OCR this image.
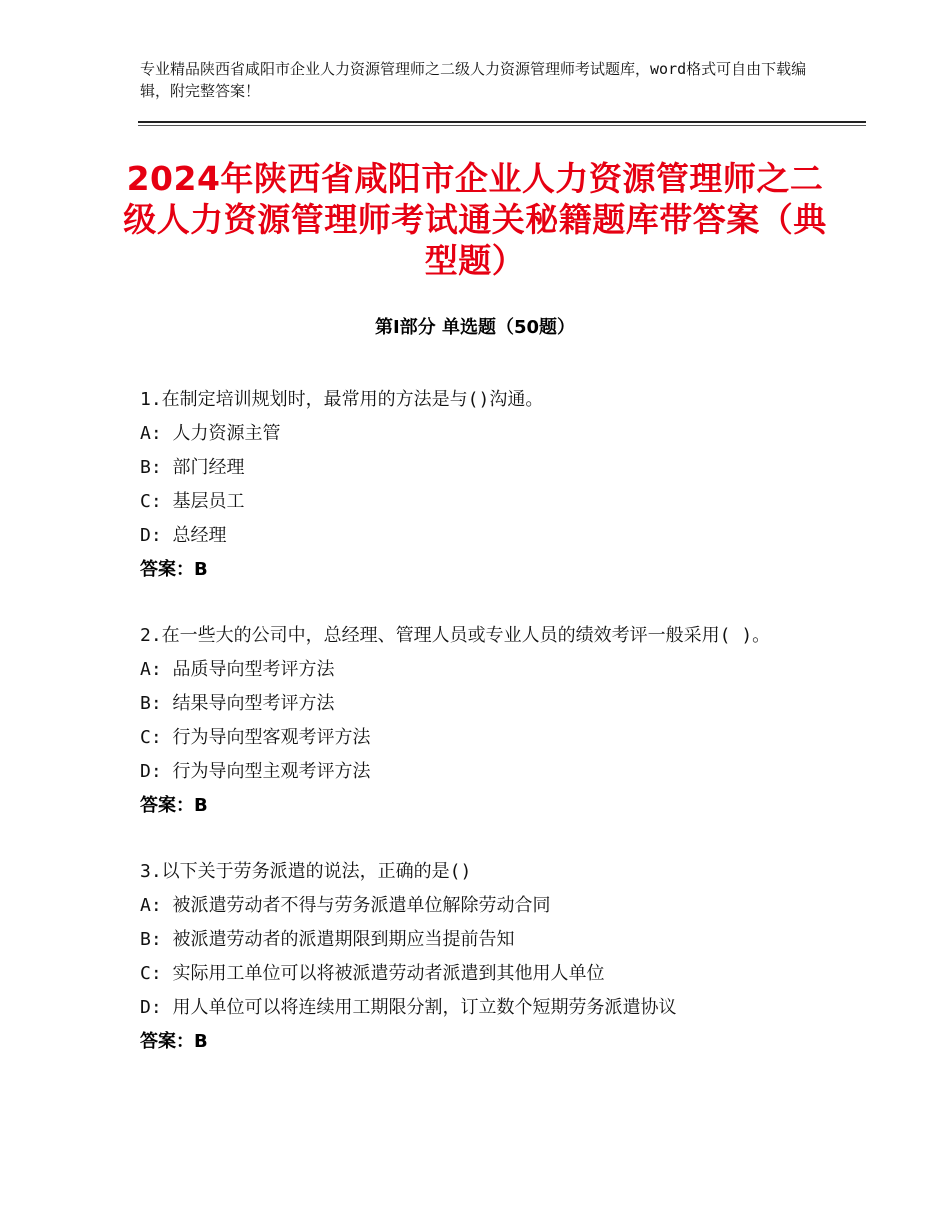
专业精品陕西省咸阳市企业人力资源管理师之二级人力资源管理师考试题库，word格式可自由下载编辑，附完整答案！
2024年陕西省咸阳市企业人力资源管理师之二级人力资源管理师考试通关秘籍题库带答案（典型题）
第Ⅰ部分 单选题（50题）
1.在制定培训规划时，最常用的方法是与()沟通。
A: 人力资源主管
B: 部门经理
C: 基层员工
D: 总经理
答案：B
2.在一些大的公司中，总经理、管理人员或专业人员的绩效考评一般采用( )。
A: 品质导向型考评方法
B: 结果导向型考评方法
C: 行为导向型客观考评方法
D: 行为导向型主观考评方法
答案：B
3.以下关于劳务派遣的说法，正确的是()
A: 被派遣劳动者不得与劳务派遣单位解除劳动合同
B: 被派遣劳动者的派遣期限到期应当提前告知
C: 实际用工单位可以将被派遣劳动者派遣到其他用人单位
D: 用人单位可以将连续用工期限分割，订立数个短期劳务派遣协议
答案：B
